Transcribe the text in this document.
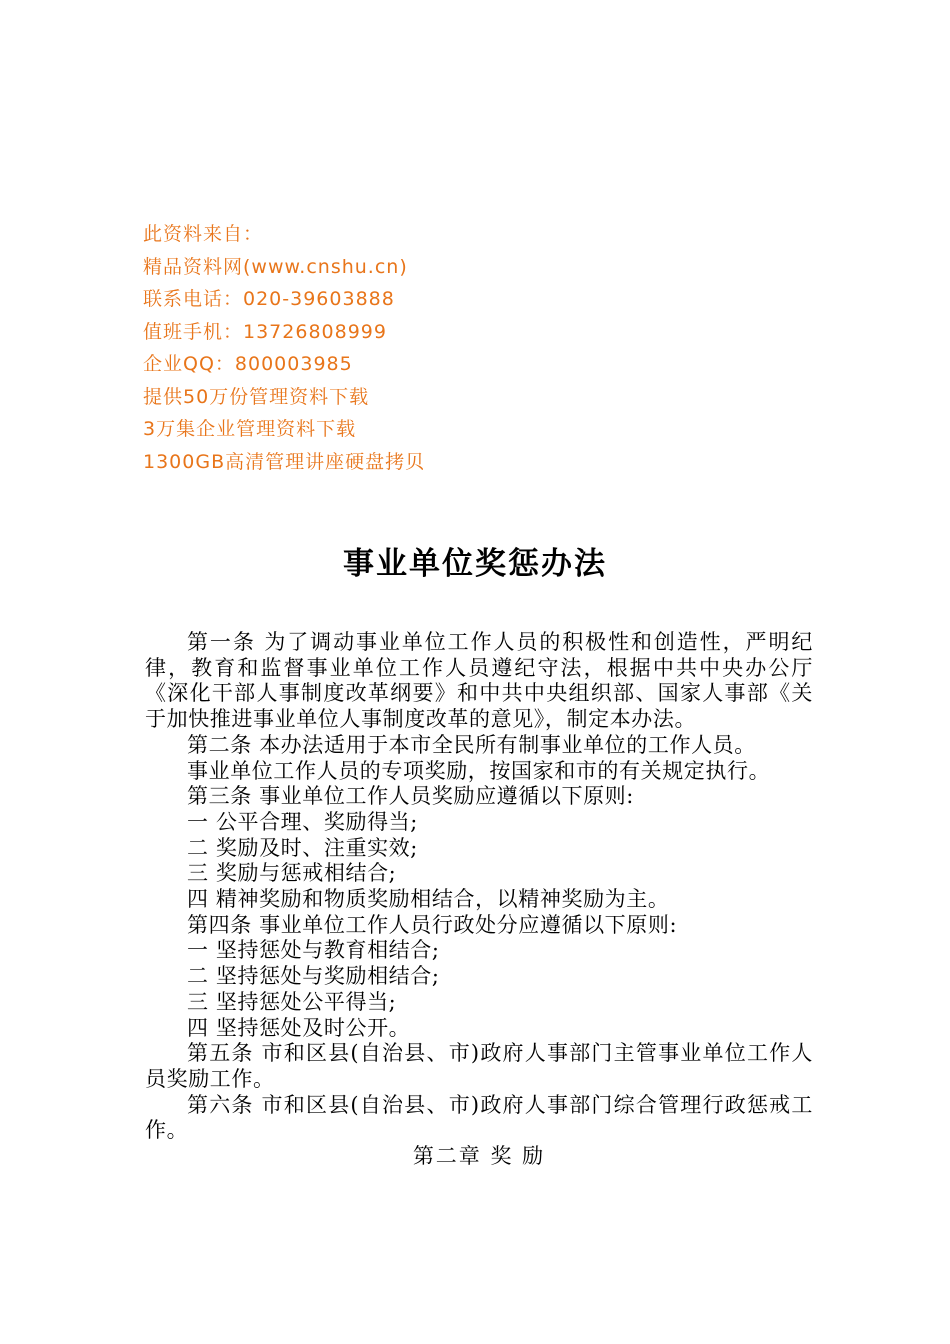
此资料来自：
精品资料网(www.cnshu.cn)
联系电话：020-39603888
值班手机：13726808999
企业QQ：800003985
提供50万份管理资料下载
3万集企业管理资料下载
1300GB高清管理讲座硬盘拷贝
事业单位奖惩办法

第一条 为了调动事业单位工作人员的积极性和创造性，严明纪律，教育和监督事业单位工作人员遵纪守法，根据中共中央办公厅《深化干部人事制度改革纲要》和中共中央组织部、国家人事部《关于加快推进事业单位人事制度改革的意见》，制定本办法。

第二条 本办法适用于本市全民所有制事业单位的工作人员。

事业单位工作人员的专项奖励，按国家和市的有关规定执行。

第三条 事业单位工作人员奖励应遵循以下原则:

一 公平合理、奖励得当;

二 奖励及时、注重实效;

三 奖励与惩戒相结合;

四 精神奖励和物质奖励相结合，以精神奖励为主。

第四条 事业单位工作人员行政处分应遵循以下原则:

一 坚持惩处与教育相结合;

二 坚持惩处与奖励相结合;

三 坚持惩处公平得当;

四 坚持惩处及时公开。

第五条 市和区县(自治县、市)政府人事部门主管事业单位工作人员奖励工作。

第六条 市和区县(自治县、市)政府人事部门综合管理行政惩戒工作。

第二章 奖 励
